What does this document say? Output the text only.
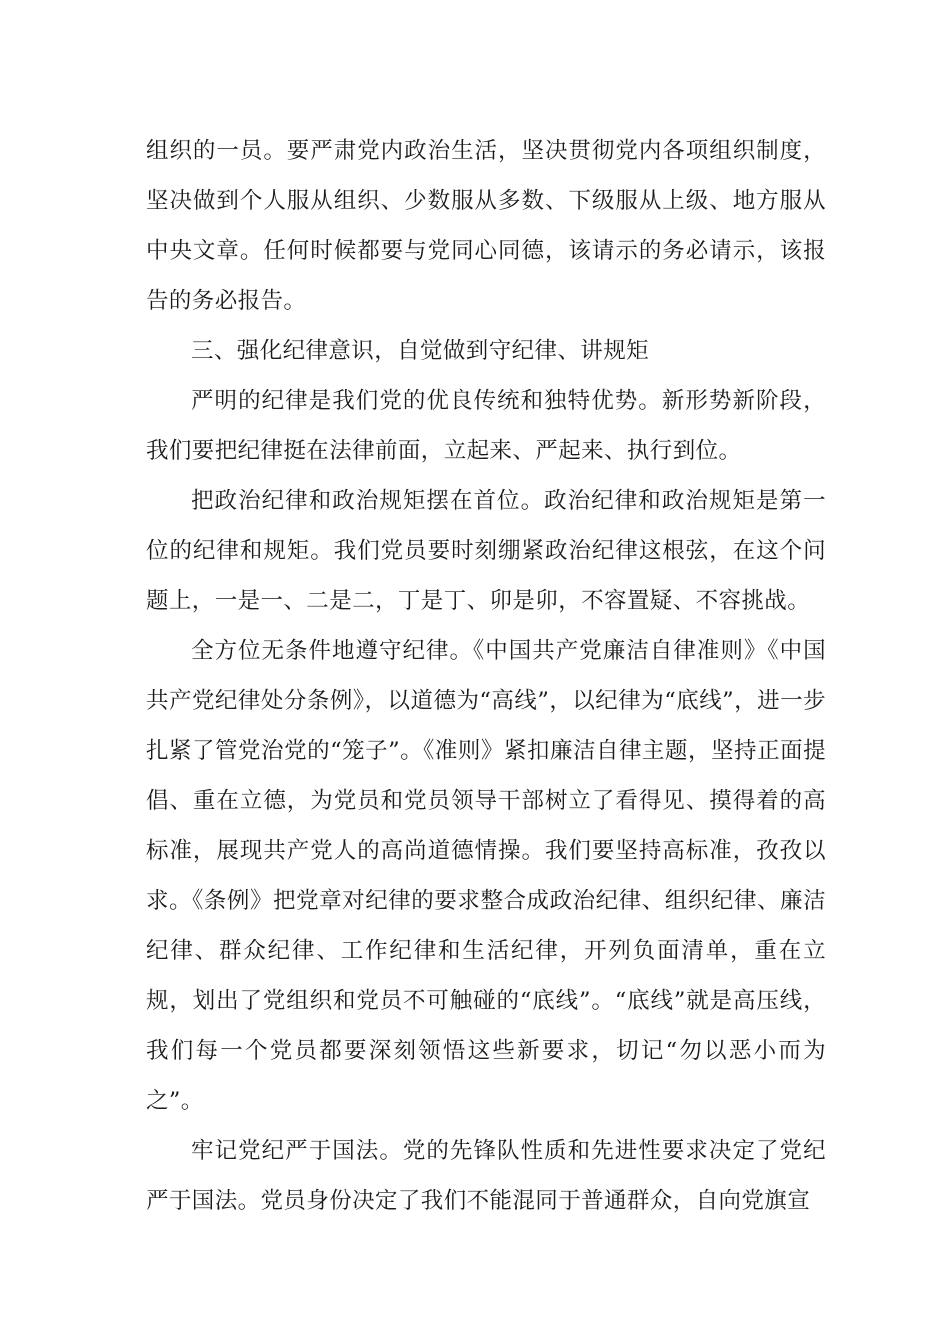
组织的一员。要严肃党内政治生活，坚决贯彻党内各项组织制度，坚决做到个人服从组织、少数服从多数、下级服从上级、地方服从中央文章。任何时候都要与党同心同德，该请示的务必请示，该报告的务必报告。

三、强化纪律意识，自觉做到守纪律、讲规矩

严明的纪律是我们党的优良传统和独特优势。新形势新阶段，我们要把纪律挺在法律前面，立起来、严起来、执行到位。

把政治纪律和政治规矩摆在首位。政治纪律和政治规矩是第一位的纪律和规矩。我们党员要时刻绷紧政治纪律这根弦，在这个问题上，一是一、二是二，丁是丁、卯是卯，不容置疑、不容挑战。

全方位无条件地遵守纪律。《中国共产党廉洁自律准则》《中国共产党纪律处分条例》，以道德为“高线”，以纪律为“底线”，进一步扎紧了管党治党的“笼子”。《准则》紧扣廉洁自律主题，坚持正面提倡、重在立德，为党员和党员领导干部树立了看得见、摸得着的高标准，展现共产党人的高尚道德情操。我们要坚持高标准，孜孜以求。《条例》把党章对纪律的要求整合成政治纪律、组织纪律、廉洁纪律、群众纪律、工作纪律和生活纪律，开列负面清单，重在立规，划出了党组织和党员不可触碰的“底线”。“底线”就是高压线，我们每一个党员都要深刻领悟这些新要求，切记“勿以恶小而为之”。

牢记党纪严于国法。党的先锋队性质和先进性要求决定了党纪严于国法。党员身份决定了我们不能混同于普通群众，自向党旗宣
